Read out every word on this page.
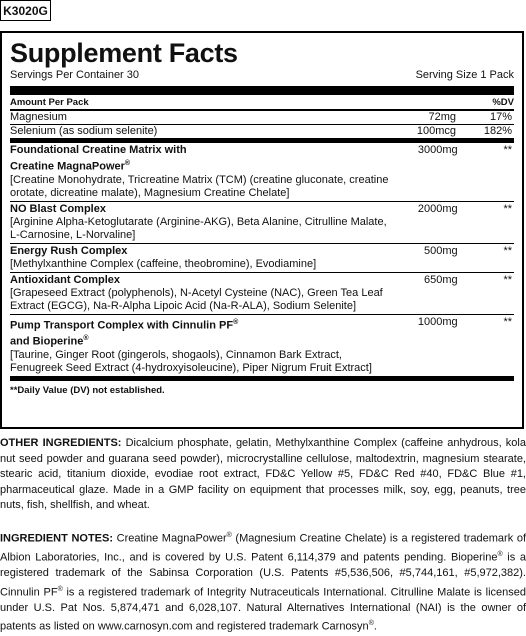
K3020G
Supplement Facts
Servings Per Container 30	Serving Size 1 Pack
Amount Per Pack	%DV
Magnesium	72mg	17%
Selenium (as sodium selenite)	100mcg	182%
Foundational Creatine Matrix with
Creatine MagnaPower®
[Creatine Monohydrate, Tricreatine Matrix (TCM) (creatine gluconate, creatine orotate, dicreatine malate), Magnesium Creatine Chelate]
3000mg	**
NO Blast Complex
[Arginine Alpha-Ketoglutarate (Arginine-AKG), Beta Alanine, Citrulline Malate, L-Carnosine, L-Norvaline]
2000mg	**
Energy Rush Complex
[Methylxanthine Complex (caffeine, theobromine), Evodiamine]
500mg	**
Antioxidant Complex
[Grapeseed Extract (polyphenols), N-Acetyl Cysteine (NAC), Green Tea Leaf Extract (EGCG), Na-R-Alpha Lipoic Acid (Na-R-ALA), Sodium Selenite]
650mg	**
Pump Transport Complex with Cinnulin PF®
and Bioperine®
[Taurine, Ginger Root (gingerols, shogaols), Cinnamon Bark Extract, Fenugreek Seed Extract (4-hydroxyisoleucine), Piper Nigrum Fruit Extract]
1000mg	**
**Daily Value (DV) not established.
OTHER INGREDIENTS: Dicalcium phosphate, gelatin, Methylxanthine Complex (caffeine anhydrous, kola nut seed powder and guarana seed powder), microcrystalline cellulose, maltodextrin, magnesium stearate, stearic acid, titanium dioxide, evodiae root extract, FD&C Yellow #5, FD&C Red #40, FD&C Blue #1, pharmaceutical glaze. Made in a GMP facility on equipment that processes milk, soy, egg, peanuts, tree nuts, fish, shellfish, and wheat.
INGREDIENT NOTES: Creatine MagnaPower® (Magnesium Creatine Chelate) is a registered trademark of Albion Laboratories, Inc., and is covered by U.S. Patent 6,114,379 and patents pending. Bioperine® is a registered trademark of the Sabinsa Corporation (U.S. Patents #5,536,506, #5,744,161, #5,972,382). Cinnulin PF® is a registered trademark of Integrity Nutraceuticals International. Citrulline Malate is licensed under U.S. Pat Nos. 5,874,471 and 6,028,107. Natural Alternatives International (NAI) is the owner of patents as listed on www.carnosyn.com and registered trademark Carnosyn®.
